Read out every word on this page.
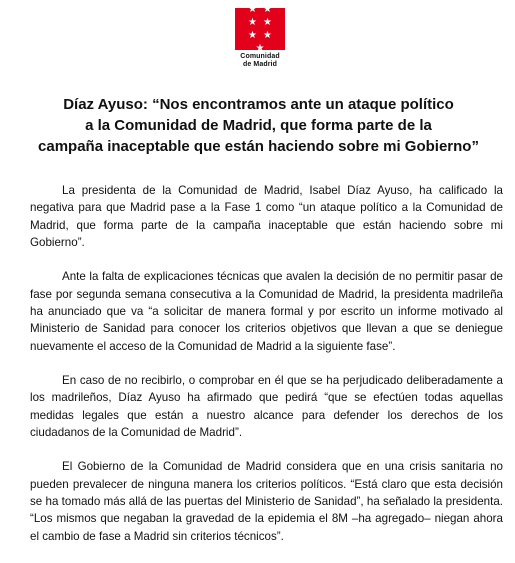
★ ★
★ ★
★ ★
★
Comunidad
de Madrid
Díaz Ayuso: “Nos encontramos ante un ataque político
a la Comunidad de Madrid, que forma parte de la
campaña inaceptable que están haciendo sobre mi Gobierno”

La presidenta de la Comunidad de Madrid, Isabel Díaz Ayuso, ha calificado la negativa para que Madrid pase a la Fase 1 como “un ataque político a la Comunidad de Madrid, que forma parte de la campaña inaceptable que están haciendo sobre mi Gobierno”.

Ante la falta de explicaciones técnicas que avalen la decisión de no permitir pasar de fase por segunda semana consecutiva a la Comunidad de Madrid, la presidenta madrileña ha anunciado que va “a solicitar de manera formal y por escrito un informe motivado al Ministerio de Sanidad para conocer los criterios objetivos que llevan a que se deniegue nuevamente el acceso de la Comunidad de Madrid a la siguiente fase”.

En caso de no recibirlo, o comprobar en él que se ha perjudicado deliberadamente a los madrileños, Díaz Ayuso ha afirmado que pedirá “que se efectúen todas aquellas medidas legales que están a nuestro alcance para defender los derechos de los ciudadanos de la Comunidad de Madrid”.

El Gobierno de la Comunidad de Madrid considera que en una crisis sanitaria no pueden prevalecer de ninguna manera los criterios políticos. “Está claro que esta decisión se ha tomado más allá de las puertas del Ministerio de Sanidad”, ha señalado la presidenta. “Los mismos que negaban la gravedad de la epidemia el 8M –ha agregado– niegan ahora el cambio de fase a Madrid sin criterios técnicos”.
